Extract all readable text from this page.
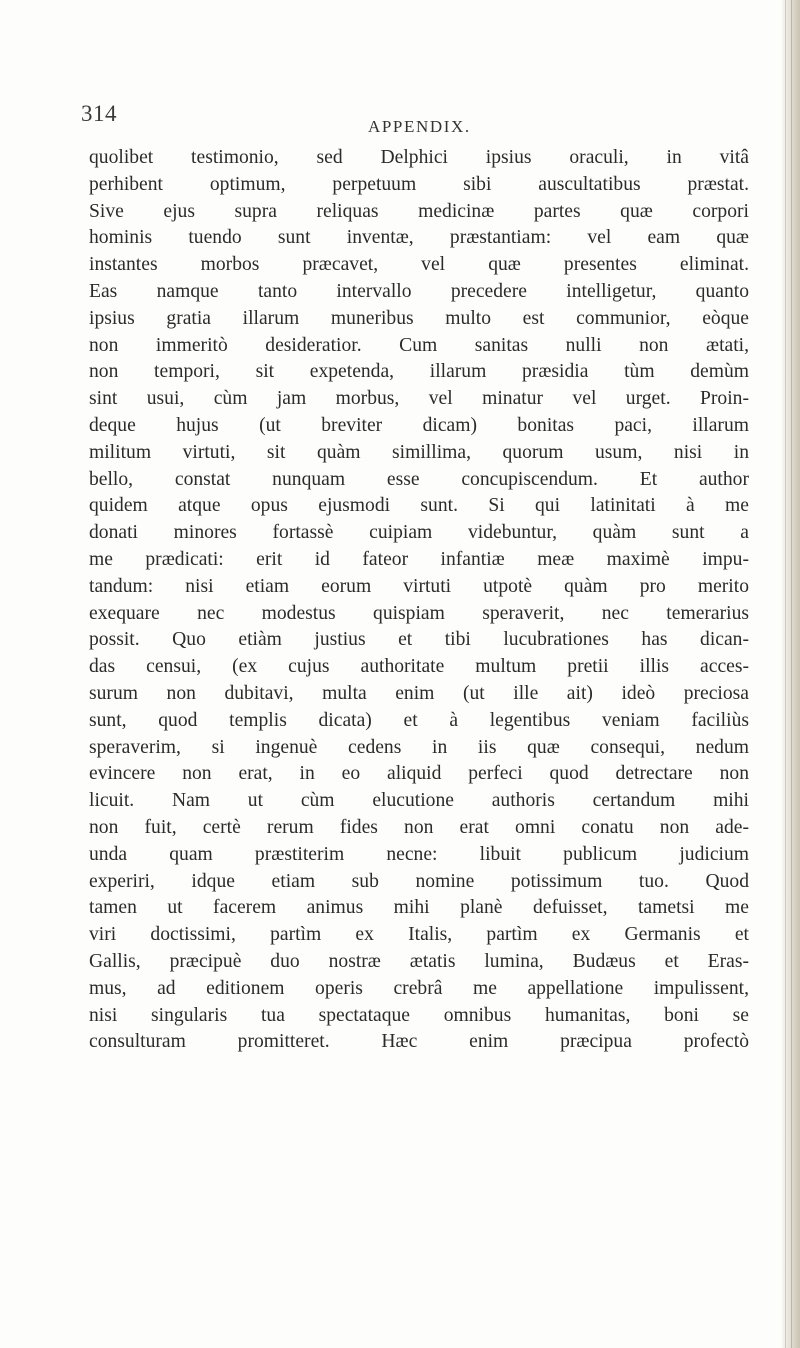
314
APPENDIX.
quolibet testimonio, sed Delphici ipsius oraculi, in vitâ
perhibent optimum, perpetuum sibi auscultatibus præstat.
Sive ejus supra reliquas medicinæ partes quæ corpori
hominis tuendo sunt inventæ, præstantiam: vel eam quæ
instantes morbos præcavet, vel quæ presentes eliminat.
Eas namque tanto intervallo precedere intelligetur, quanto
ipsius gratia illarum muneribus multo est communior, eòque
non immeritò desideratior. Cum sanitas nulli non ætati,
non tempori, sit expetenda, illarum præsidia tùm demùm
sint usui, cùm jam morbus, vel minatur vel urget. Proin-
deque hujus (ut breviter dicam) bonitas paci, illarum
militum virtuti, sit quàm simillima, quorum usum, nisi in
bello, constat nunquam esse concupiscendum. Et author
quidem atque opus ejusmodi sunt. Si qui latinitati à me
donati minores fortassè cuipiam videbuntur, quàm sunt a
me prædicati: erit id fateor infantiæ meæ maximè impu-
tandum: nisi etiam eorum virtuti utpotè quàm pro merito
exequare nec modestus quispiam speraverit, nec temerarius
possit. Quo etiàm justius et tibi lucubrationes has dican-
das censui, (ex cujus authoritate multum pretii illis acces-
surum non dubitavi, multa enim (ut ille ait) ideò preciosa
sunt, quod templis dicata) et à legentibus veniam faciliùs
speraverim, si ingenuè cedens in iis quæ consequi, nedum
evincere non erat, in eo aliquid perfeci quod detrectare non
licuit. Nam ut cùm elucutione authoris certandum mihi
non fuit, certè rerum fides non erat omni conatu non ade-
unda quam præstiterim necne: libuit publicum judicium
experiri, idque etiam sub nomine potissimum tuo. Quod
tamen ut facerem animus mihi planè defuisset, tametsi me
viri doctissimi, partìm ex Italis, partìm ex Germanis et
Gallis, præcipuè duo nostræ ætatis lumina, Budæus et Eras-
mus, ad editionem operis crebrâ me appellatione impulissent,
nisi singularis tua spectataque omnibus humanitas, boni se
consulturam promitteret. Hæc enim præcipua profectò
